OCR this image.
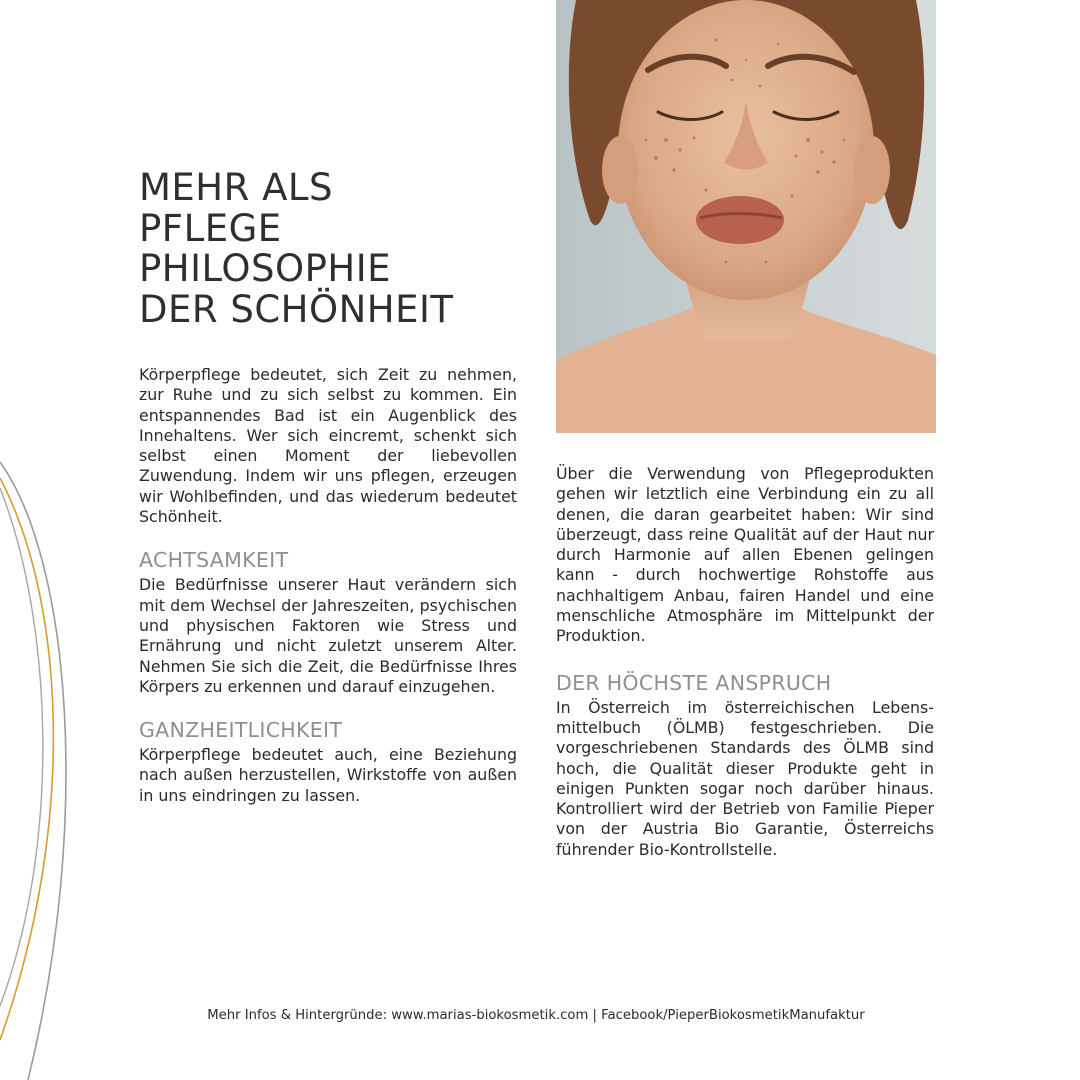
MEHR ALS
PFLEGE
PHILOSOPHIE
DER SCHÖNHEIT

Körperpflege bedeutet, sich Zeit zu nehmen, zur Ruhe und zu sich selbst zu kommen. Ein entspannendes Bad ist ein Augenblick des Innehaltens. Wer sich eincremt, schenkt sich selbst einen Moment der liebevollen Zuwendung. Indem wir uns pflegen, erzeugen wir Wohlbefinden, und das wiederum bedeutet Schönheit.

ACHTSAMKEIT

Die Bedürfnisse unserer Haut verändern sich mit dem Wechsel der Jahreszeiten, psychischen und physischen Faktoren wie Stress und Ernährung und nicht zuletzt unserem Alter. Nehmen Sie sich die Zeit, die Bedürfnisse Ihres Körpers zu erkennen und darauf einzugehen.

GANZHEITLICHKEIT

Körperpflege bedeutet auch, eine Beziehung nach außen herzustellen, Wirkstoffe von außen in uns eindringen zu lassen.

Über die Verwendung von Pflegeprodukten gehen wir letztlich eine Verbindung ein zu all denen, die daran gearbeitet haben: Wir sind überzeugt, dass reine Qualität auf der Haut nur durch Harmonie auf allen Ebenen gelingen kann - durch hochwertige Rohstoffe aus nachhaltigem Anbau, fairen Handel und eine menschliche Atmosphäre im Mittelpunkt der Produktion.

DER HÖCHSTE ANSPRUCH

In Österreich im österreichischen Lebensmittelbuch (ÖLMB) festgeschrieben. Die vorgeschriebenen Standards des ÖLMB sind hoch, die Qualität dieser Produkte geht in einigen Punkten sogar noch darüber hinaus. Kontrolliert wird der Betrieb von Familie Pieper von der Austria Bio Garantie, Österreichs führender Bio-Kontrollstelle.

Mehr Infos & Hintergründe: www.marias-biokosmetik.com | Facebook/PieperBiokosmetikManufaktur
